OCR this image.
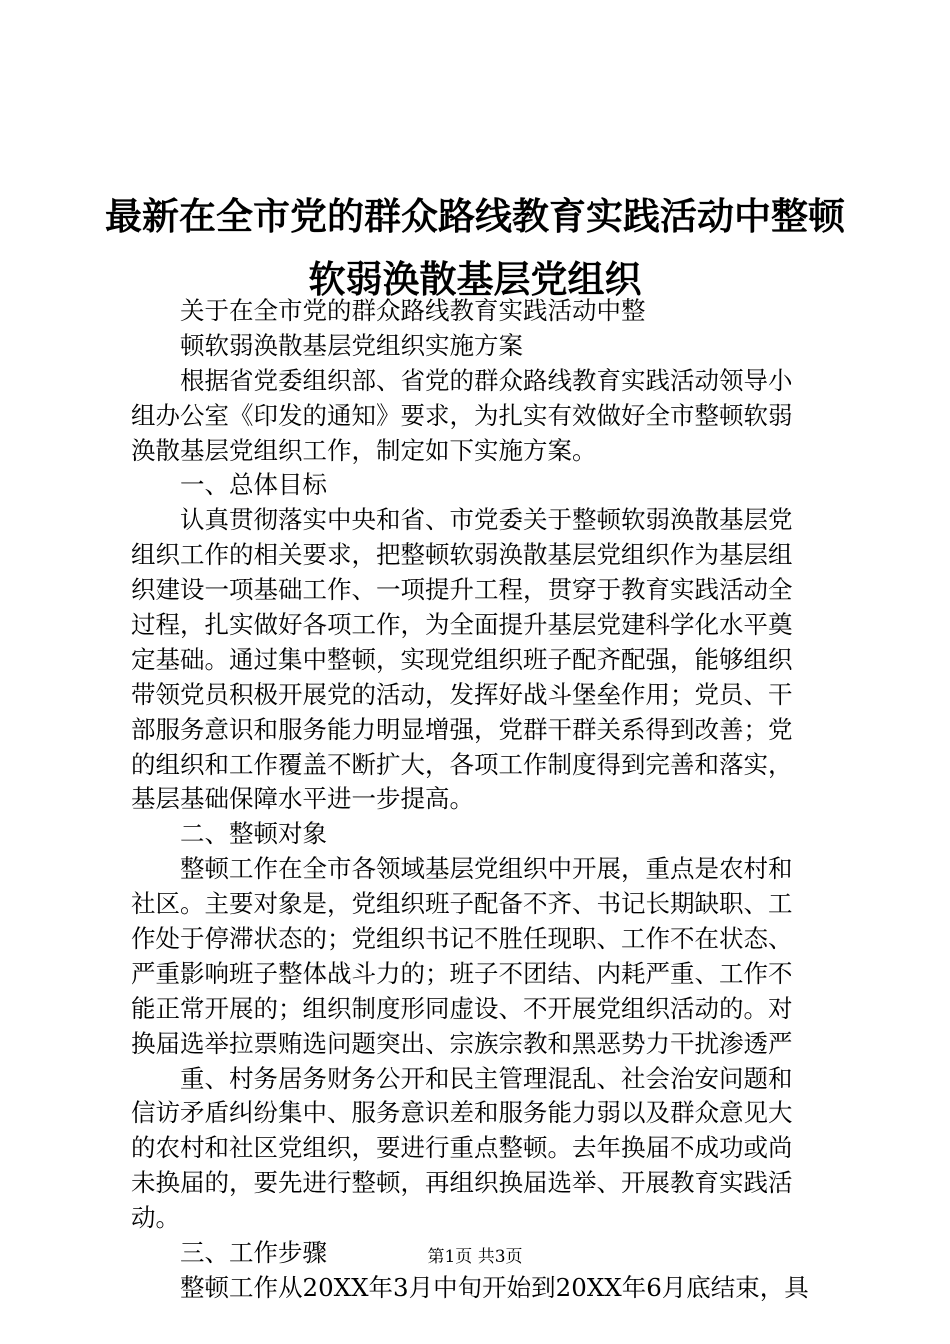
最新在全市党的群众路线教育实践活动中整顿
软弱涣散基层党组织
关于在全市党的群众路线教育实践活动中整
顿软弱涣散基层党组织实施方案
根据省党委组织部、省党的群众路线教育实践活动领导小
组办公室《印发的通知》要求，为扎实有效做好全市整顿软弱
涣散基层党组织工作，制定如下实施方案。
一、总体目标
认真贯彻落实中央和省、市党委关于整顿软弱涣散基层党
组织工作的相关要求，把整顿软弱涣散基层党组织作为基层组
织建设一项基础工作、一项提升工程，贯穿于教育实践活动全
过程，扎实做好各项工作，为全面提升基层党建科学化水平奠
定基础。通过集中整顿，实现党组织班子配齐配强，能够组织
带领党员积极开展党的活动，发挥好战斗堡垒作用；党员、干
部服务意识和服务能力明显增强，党群干群关系得到改善；党
的组织和工作覆盖不断扩大，各项工作制度得到完善和落实，
基层基础保障水平进一步提高。
二、整顿对象
整顿工作在全市各领域基层党组织中开展，重点是农村和
社区。主要对象是，党组织班子配备不齐、书记长期缺职、工
作处于停滞状态的；党组织书记不胜任现职、工作不在状态、
严重影响班子整体战斗力的；班子不团结、内耗严重、工作不
能正常开展的；组织制度形同虚设、不开展党组织活动的。对
换届选举拉票贿选问题突出、宗族宗教和黑恶势力干扰渗透严
重、村务居务财务公开和民主管理混乱、社会治安问题和
信访矛盾纠纷集中、服务意识差和服务能力弱以及群众意见大
的农村和社区党组织，要进行重点整顿。去年换届不成功或尚
未换届的，要先进行整顿，再组织换届选举、开展教育实践活
动。
三、工作步骤
整顿工作从20XX年3月中旬开始到20XX年6月底结束，具
第1页 共3页
